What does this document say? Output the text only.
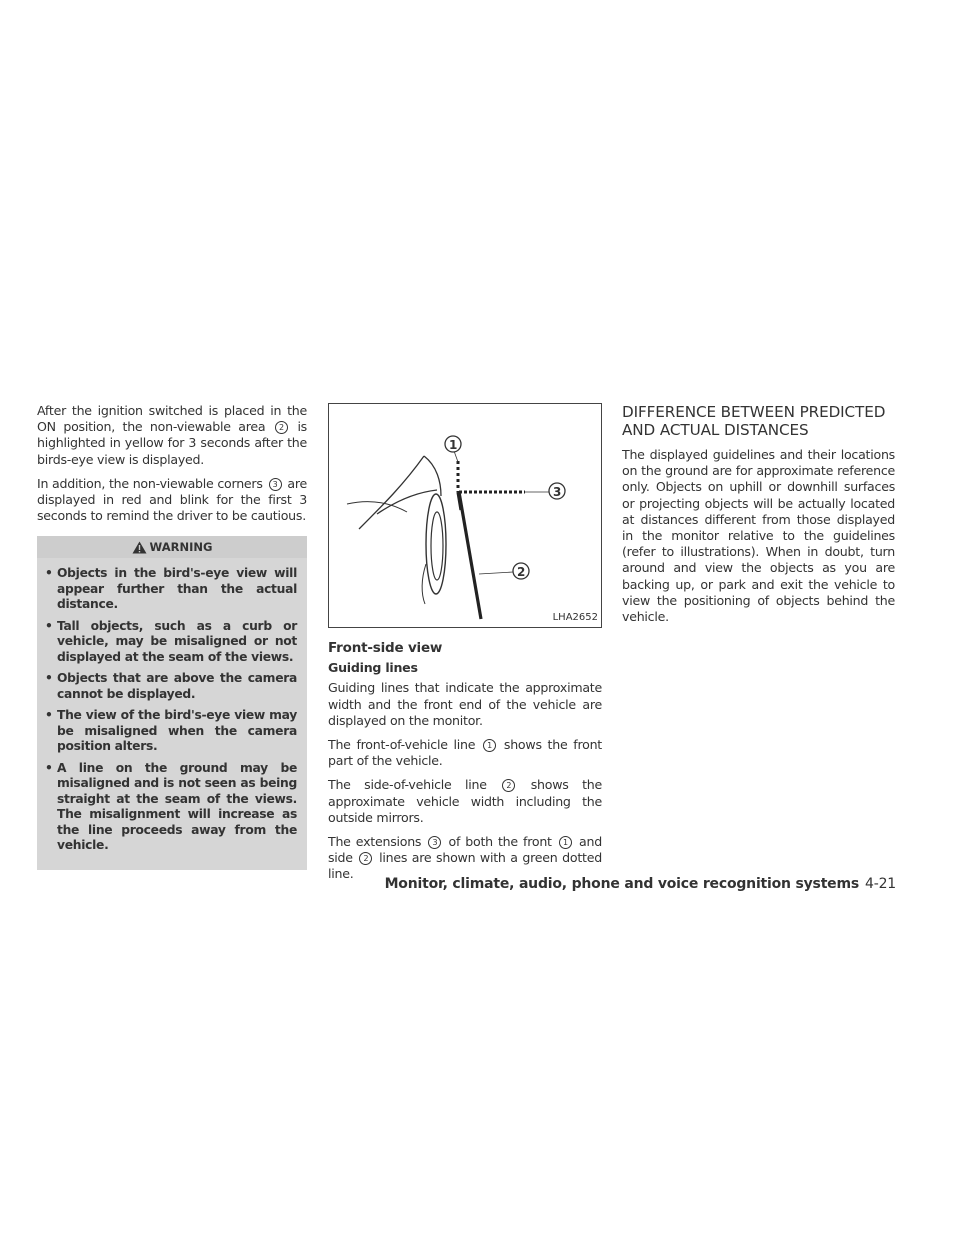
After the ignition switched is placed in the ON position, the non-viewable area 2 is highlighted in yellow for 3 seconds after the birds-eye view is displayed.

In addition, the non-viewable corners 3 are displayed in red and blink for the first 3 seconds to remind the driver to be cautious.

WARNING
• Objects in the bird's-eye view will appear further than the actual distance.
• Tall objects, such as a curb or vehicle, may be misaligned or not displayed at the seam of the views.
• Objects that are above the camera cannot be displayed.
• The view of the bird's-eye view may be misaligned when the camera position alters.
• A line on the ground may be misaligned and is not seen as being straight at the seam of the views. The misalignment will increase as the line proceeds away from the vehicle.
1
3
2
LHA2652
Front-side view
Guiding lines

Guiding lines that indicate the approximate width and the front end of the vehicle are displayed on the monitor.

The front-of-vehicle line 1 shows the front part of the vehicle.

The side-of-vehicle line 2 shows the approximate vehicle width including the outside mirrors.

The extensions 3 of both the front 1 and side 2 lines are shown with a green dotted line.

DIFFERENCE BETWEEN PREDICTED AND ACTUAL DISTANCES

The displayed guidelines and their locations on the ground are for approximate reference only. Objects on uphill or downhill surfaces or projecting objects will be actually located at distances different from those displayed in the monitor relative to the guidelines (refer to illustrations). When in doubt, turn around and view the objects as you are backing up, or park and exit the vehicle to view the positioning of objects behind the vehicle.

Monitor, climate, audio, phone and voice recognition systems 4-21
